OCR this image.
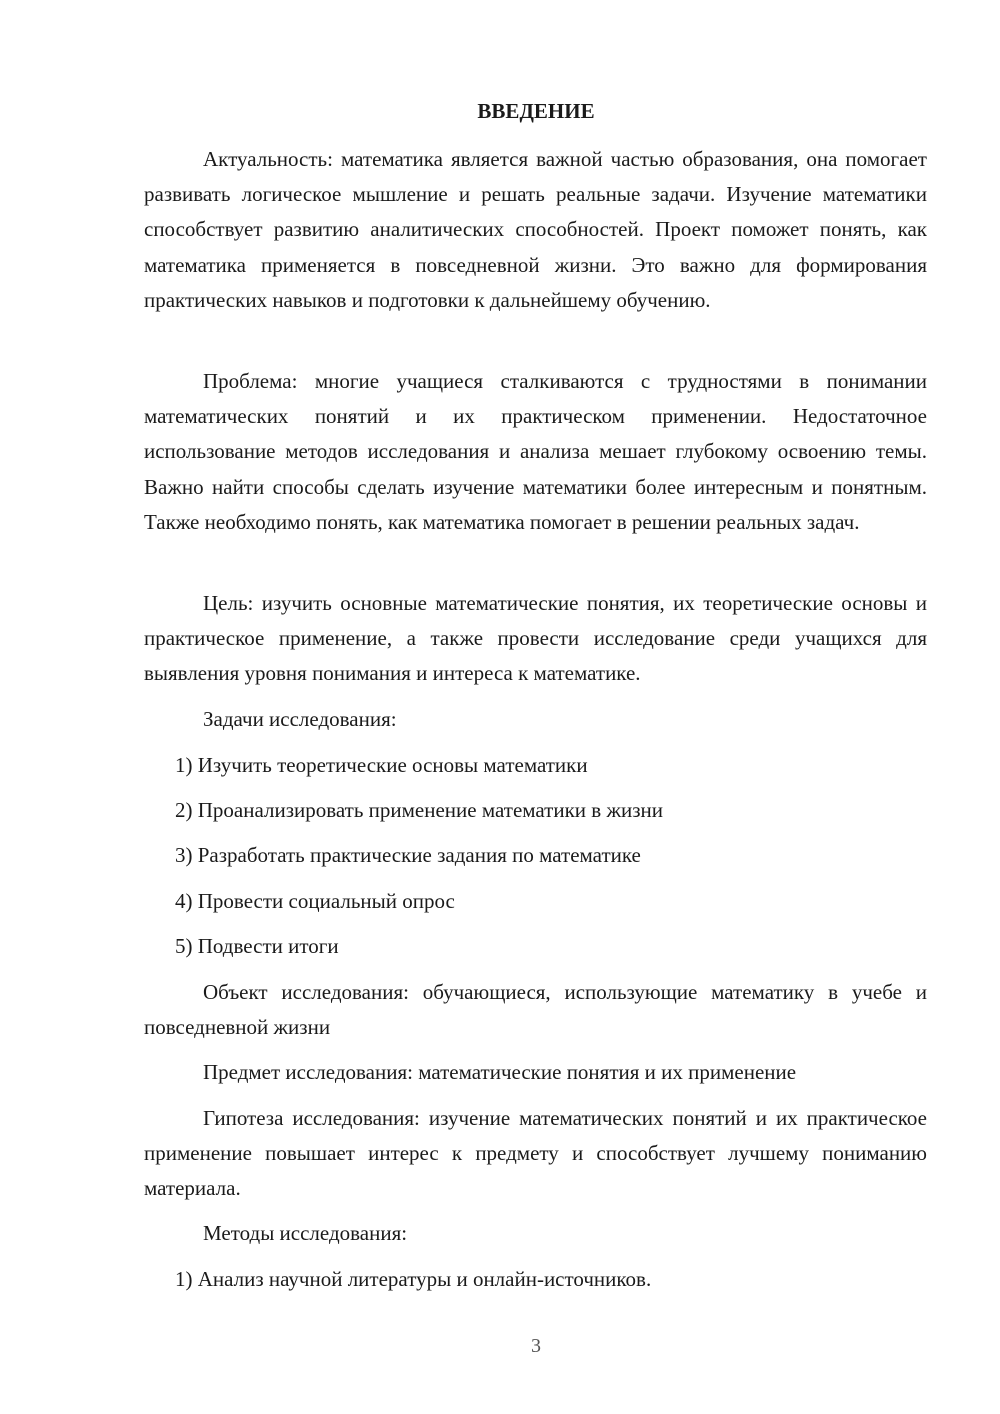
ВВЕДЕНИЕ

Актуальность: математика является важной частью образования, она помогает развивать логическое мышление и решать реальные задачи. Изучение математики способствует развитию аналитических способностей. Проект поможет понять, как математика применяется в повседневной жизни. Это важно для формирования практических навыков и подготовки к дальнейшему обучению.

Проблема: многие учащиеся сталкиваются с трудностями в понимании математических понятий и их практическом применении. Недостаточное использование методов исследования и анализа мешает глубокому освоению темы. Важно найти способы сделать изучение математики более интересным и понятным. Также необходимо понять, как математика помогает в решении реальных задач.

Цель: изучить основные математические понятия, их теоретические основы и практическое применение, а также провести исследование среди учащихся для выявления уровня понимания и интереса к математике.

Задачи исследования:

1) Изучить теоретические основы математики

2) Проанализировать применение математики в жизни

3) Разработать практические задания по математике

4) Провести социальный опрос

5) Подвести итоги

Объект исследования: обучающиеся, использующие математику в учебе и повседневной жизни

Предмет исследования: математические понятия и их применение

Гипотеза исследования: изучение математических понятий и их практическое применение повышает интерес к предмету и способствует лучшему пониманию материала.

Методы исследования:

1) Анализ научной литературы и онлайн-источников.

3
